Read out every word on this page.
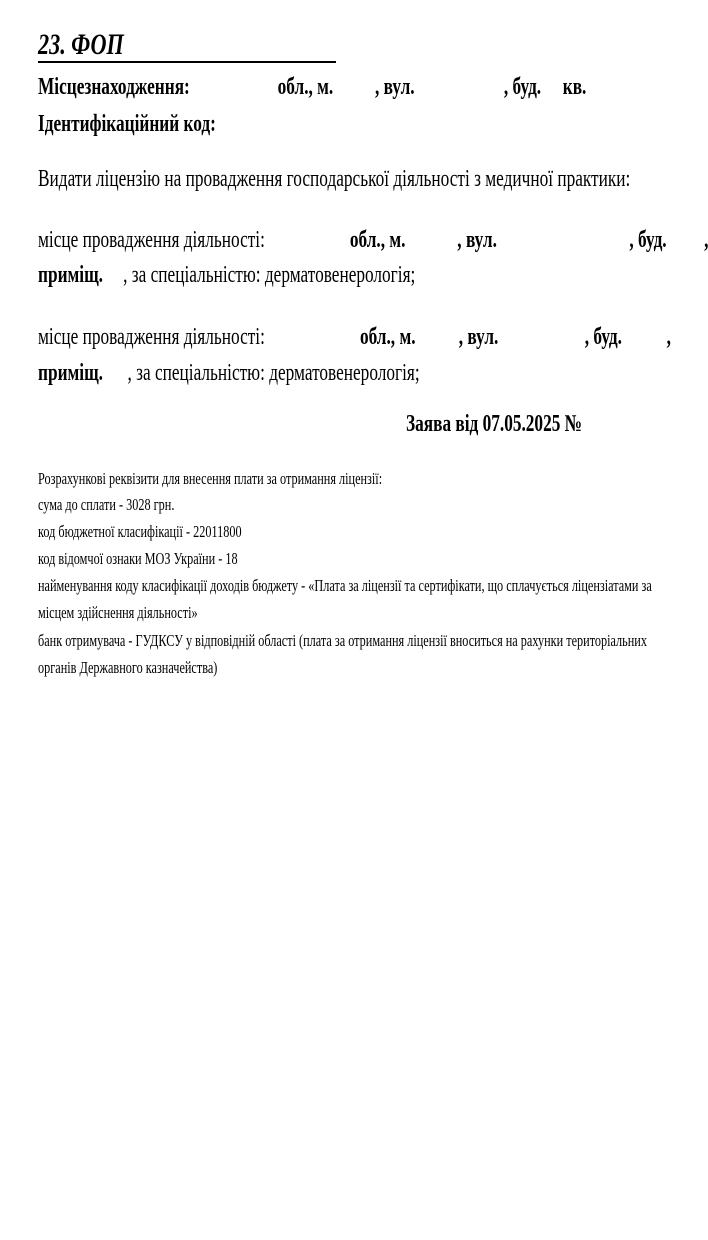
23. ФОП
Місцезнаходження:	обл., м. , вул.	, буд. кв.
Ідентифікаційний код:
Видати ліцензію на провадження господарської діяльності з медичної практики:
місце провадження діяльності:	обл., м. , вул.	, буд. ,
приміщ. , за спеціальністю: дерматовенерологія;
місце провадження діяльності:	обл., м. , вул.	, буд. ,
приміщ. , за спеціальністю: дерматовенерологія;
Заява від 07.05.2025 №
Розрахункові реквізити для внесення плати за отримання ліцензії:
сума до сплати - 3028 грн.
код бюджетної класифікації - 22011800
код відомчої ознаки МОЗ України - 18
найменування коду класифікації доходів бюджету - «Плата за ліцензії та сертифікати, що сплачується ліцензіатами за
місцем здійснення діяльності»
банк отримувача - ГУДКСУ у відповідній області (плата за отримання ліцензії вноситься на рахунки територіальних
органів Державного казначейства)
